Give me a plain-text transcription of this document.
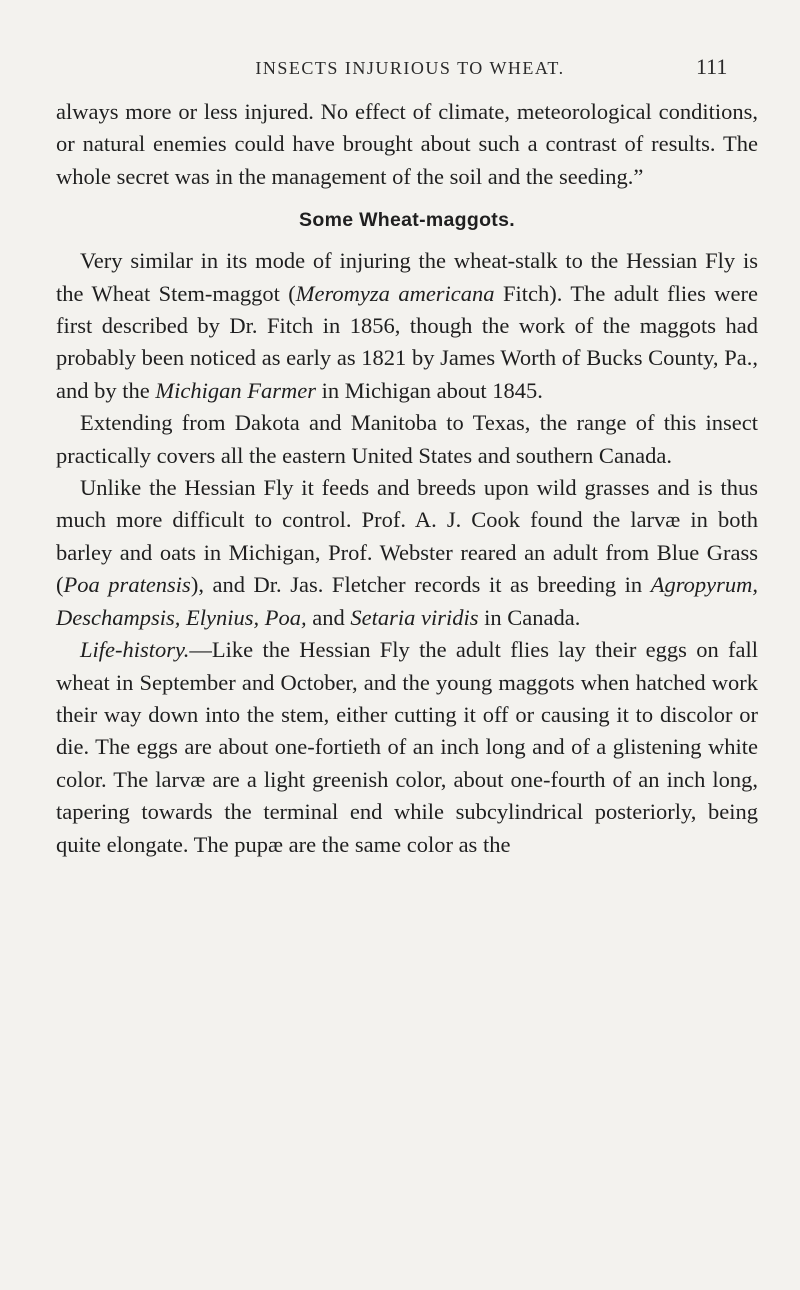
INSECTS INJURIOUS TO WHEAT.	111

always more or less injured. No effect of climate, meteorological conditions, or natural enemies could have brought about such a contrast of results. The whole secret was in the management of the soil and the seeding.”

Some Wheat-maggots.

Very similar in its mode of injuring the wheat-stalk to the Hessian Fly is the Wheat Stem-maggot (Meromyza americana Fitch). The adult flies were first described by Dr. Fitch in 1856, though the work of the maggots had probably been noticed as early as 1821 by James Worth of Bucks County, Pa., and by the Michigan Farmer in Michigan about 1845.

Extending from Dakota and Manitoba to Texas, the range of this insect practically covers all the eastern United States and southern Canada.

Unlike the Hessian Fly it feeds and breeds upon wild grasses and is thus much more difficult to control. Prof. A. J. Cook found the larvæ in both barley and oats in Michigan, Prof. Webster reared an adult from Blue Grass (Poa pratensis), and Dr. Jas. Fletcher records it as breeding in Agropyrum, Deschampsis, Elynius, Poa, and Setaria viridis in Canada.

Life-history.—Like the Hessian Fly the adult flies lay their eggs on fall wheat in September and October, and the young maggots when hatched work their way down into the stem, either cutting it off or causing it to discolor or die. The eggs are about one-fortieth of an inch long and of a glistening white color. The larvæ are a light greenish color, about one-fourth of an inch long, tapering towards the terminal end while subcylindrical posteriorly, being quite elongate. The pupæ are the same color as the
